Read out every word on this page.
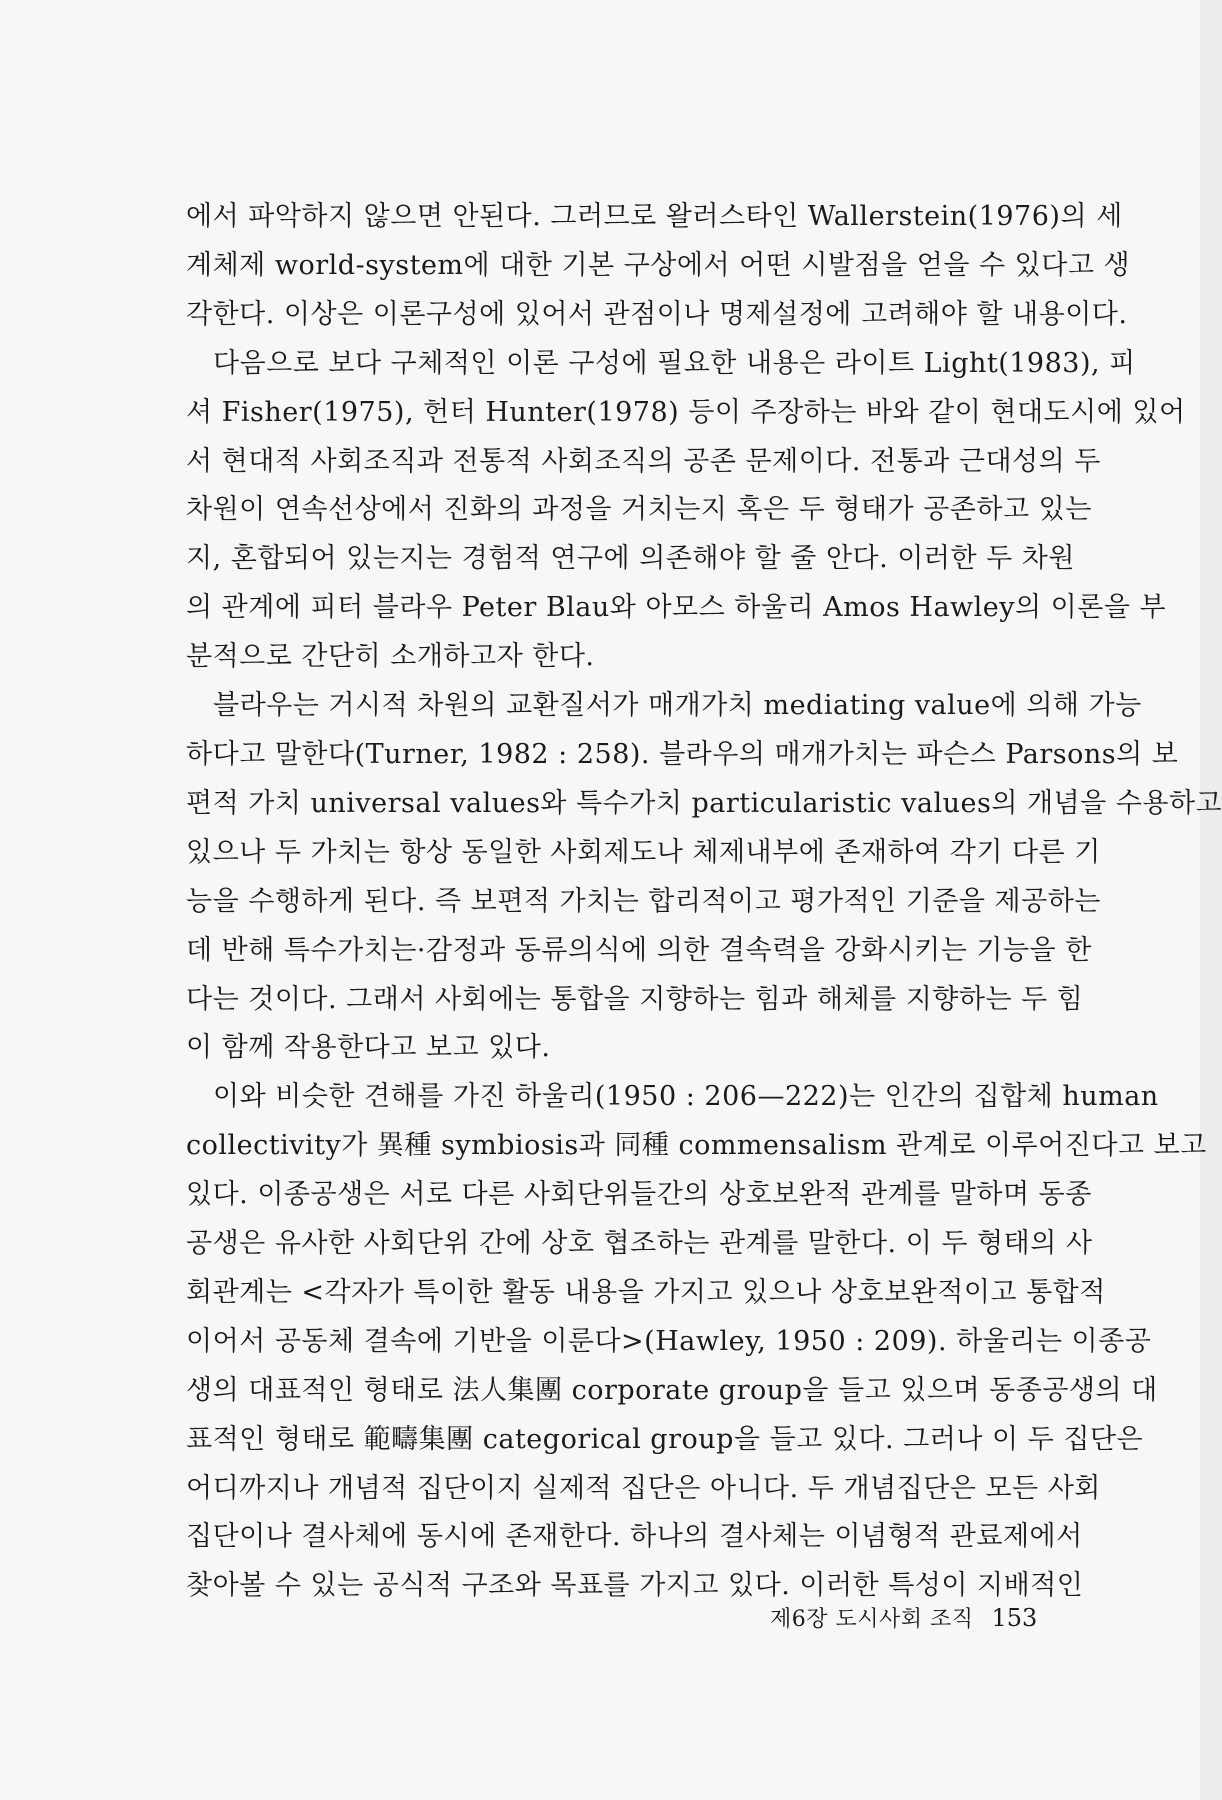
에서 파악하지 않으면 안된다. 그러므로 왈러스타인 Wallerstein(1976)의 세
계체제 world-system에 대한 기본 구상에서 어떤 시발점을 얻을 수 있다고 생
각한다. 이상은 이론구성에 있어서 관점이나 명제설정에 고려해야 할 내용이다.

다음으로 보다 구체적인 이론 구성에 필요한 내용은 라이트 Light(1983), 피
셔 Fisher(1975), 헌터 Hunter(1978) 등이 주장하는 바와 같이 현대도시에 있어
서 현대적 사회조직과 전통적 사회조직의 공존 문제이다. 전통과 근대성의 두
차원이 연속선상에서 진화의 과정을 거치는지 혹은 두 형태가 공존하고 있는
지, 혼합되어 있는지는 경험적 연구에 의존해야 할 줄 안다. 이러한 두 차원
의 관계에 피터 블라우 Peter Blau와 아모스 하울리 Amos Hawley의 이론을 부
분적으로 간단히 소개하고자 한다.

블라우는 거시적 차원의 교환질서가 매개가치 mediating value에 의해 가능
하다고 말한다(Turner, 1982 : 258). 블라우의 매개가치는 파슨스 Parsons의 보
편적 가치 universal values와 특수가치 particularistic values의 개념을 수용하고
있으나 두 가치는 항상 동일한 사회제도나 체제내부에 존재하여 각기 다른 기
능을 수행하게 된다. 즉 보편적 가치는 합리적이고 평가적인 기준을 제공하는
데 반해 특수가치는·감정과 동류의식에 의한 결속력을 강화시키는 기능을 한
다는 것이다. 그래서 사회에는 통합을 지향하는 힘과 해체를 지향하는 두 힘
이 함께 작용한다고 보고 있다.

이와 비슷한 견해를 가진 하울리(1950 : 206—222)는 인간의 집합체 human
collectivity가 異種 symbiosis과 同種 commensalism 관계로 이루어진다고 보고
있다. 이종공생은 서로 다른 사회단위들간의 상호보완적 관계를 말하며 동종
공생은 유사한 사회단위 간에 상호 협조하는 관계를 말한다. 이 두 형태의 사
회관계는 <각자가 특이한 활동 내용을 가지고 있으나 상호보완적이고 통합적
이어서 공동체 결속에 기반을 이룬다>(Hawley, 1950 : 209). 하울리는 이종공
생의 대표적인 형태로 法人集團 corporate group을 들고 있으며 동종공생의 대
표적인 형태로 範疇集團 categorical group을 들고 있다. 그러나 이 두 집단은
어디까지나 개념적 집단이지 실제적 집단은 아니다. 두 개념집단은 모든 사회
집단이나 결사체에 동시에 존재한다. 하나의 결사체는 이념형적 관료제에서
찾아볼 수 있는 공식적 구조와 목표를 가지고 있다. 이러한 특성이 지배적인

제6장 도시사회 조직 153
